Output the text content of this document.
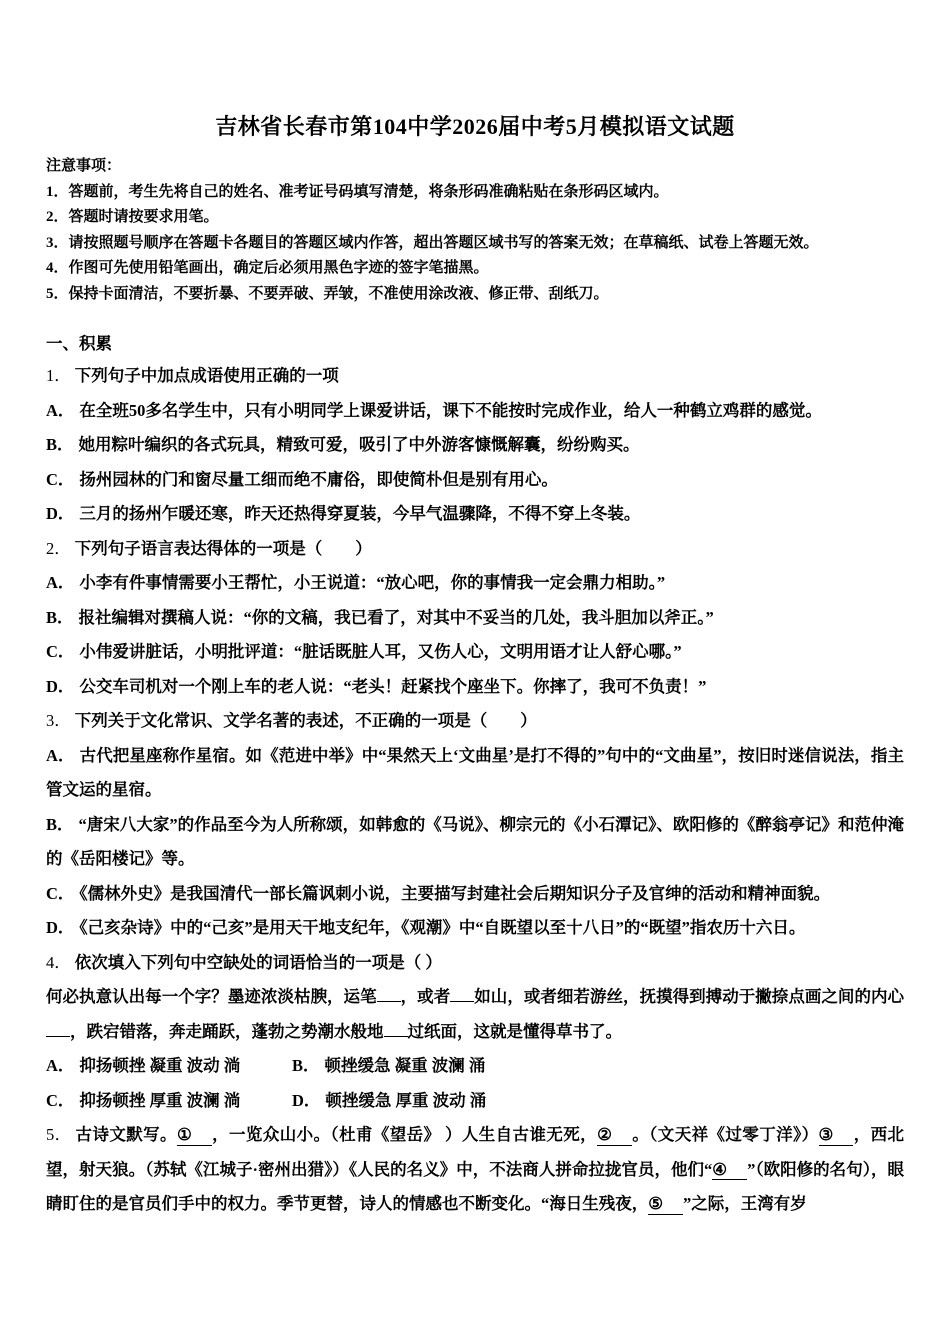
吉林省长春市第104中学2026届中考5月模拟语文试题

注意事项：

1．答题前，考生先将自己的姓名、准考证号码填写清楚，将条形码准确粘贴在条形码区域内。

2．答题时请按要求用笔。

3．请按照题号顺序在答题卡各题目的答题区域内作答，超出答题区域书写的答案无效；在草稿纸、试卷上答题无效。

4．作图可先使用铅笔画出，确定后必须用黑色字迹的签字笔描黑。

5．保持卡面清洁，不要折暴、不要弄破、弄皱，不准使用涂改液、修正带、刮纸刀。

一、积累

1． 下列句子中加点成语使用正确的一项

A． 在全班50多名学生中，只有小明同学上课爱讲话，课下不能按时完成作业，给人一种鹤立鸡群的感觉。

B． 她用粽叶编织的各式玩具，精致可爱，吸引了中外游客慷慨解囊，纷纷购买。

C． 扬州园林的门和窗尽量工细而绝不庸俗，即使简朴但是别有用心。

D． 三月的扬州乍暖还寒，昨天还热得穿夏装，今早气温骤降，不得不穿上冬装。

2． 下列句子语言表达得体的一项是（　　）

A． 小李有件事情需要小王帮忙，小王说道：“放心吧，你的事情我一定会鼎力相助。”

B． 报社编辑对撰稿人说：“你的文稿，我已看了，对其中不妥当的几处，我斗胆加以斧正。”

C． 小伟爱讲脏话，小明批评道：“脏话既脏人耳，又伤人心，文明用语才让人舒心哪。”

D． 公交车司机对一个刚上车的老人说：“老头！赶紧找个座坐下。你摔了，我可不负责！”

3． 下列关于文化常识、文学名著的表述，不正确的一项是（　　）

A． 古代把星座称作星宿。如《范进中举》中“果然天上‘文曲星’是打不得的”句中的“文曲星”，按旧时迷信说法，指主管文运的星宿。

B． “唐宋八大家”的作品至今为人所称颂，如韩愈的《马说》、柳宗元的《小石潭记》、欧阳修的《醉翁亭记》和范仲淹的《岳阳楼记》等。

C． 《儒林外史》是我国清代一部长篇讽刺小说，主要描写封建社会后期知识分子及官绅的活动和精神面貌。

D． 《己亥杂诗》中的“己亥”是用天干地支纪年，《观潮》中“自既望以至十八日”的“既望”指农历十六日。

4． 依次填入下列句中空缺处的词语恰当的一项是（ ）

何必执意认出每一个字？墨迹浓淡枯腴，运笔 ，或者 如山，或者细若游丝，抚摸得到搏动于撇捺点画之间的内心，跌宕错落，奔走踊跃，蓬勃之势潮水般地 过纸面，这就是懂得草书了。

A． 抑扬顿挫 凝重 波动 淌	B． 顿挫缓急 凝重 波澜 涌

C． 抑扬顿挫 厚重 波澜 淌	D． 顿挫缓急 厚重 波动 涌

5． 古诗文默写。① ，一览众山小。（杜甫《望岳》 ）人生自古谁无死，② 。（文天祥《过零丁洋》）③ ，西北望，射天狼。（苏轼《江城子·密州出猎》）《人民的名义》中，不法商人拼命拉拢官员，他们“④ ”（欧阳修的名句），眼睛盯住的是官员们手中的权力。季节更替，诗人的情感也不断变化。“海日生残夜，⑤ ”之际，王湾有岁
